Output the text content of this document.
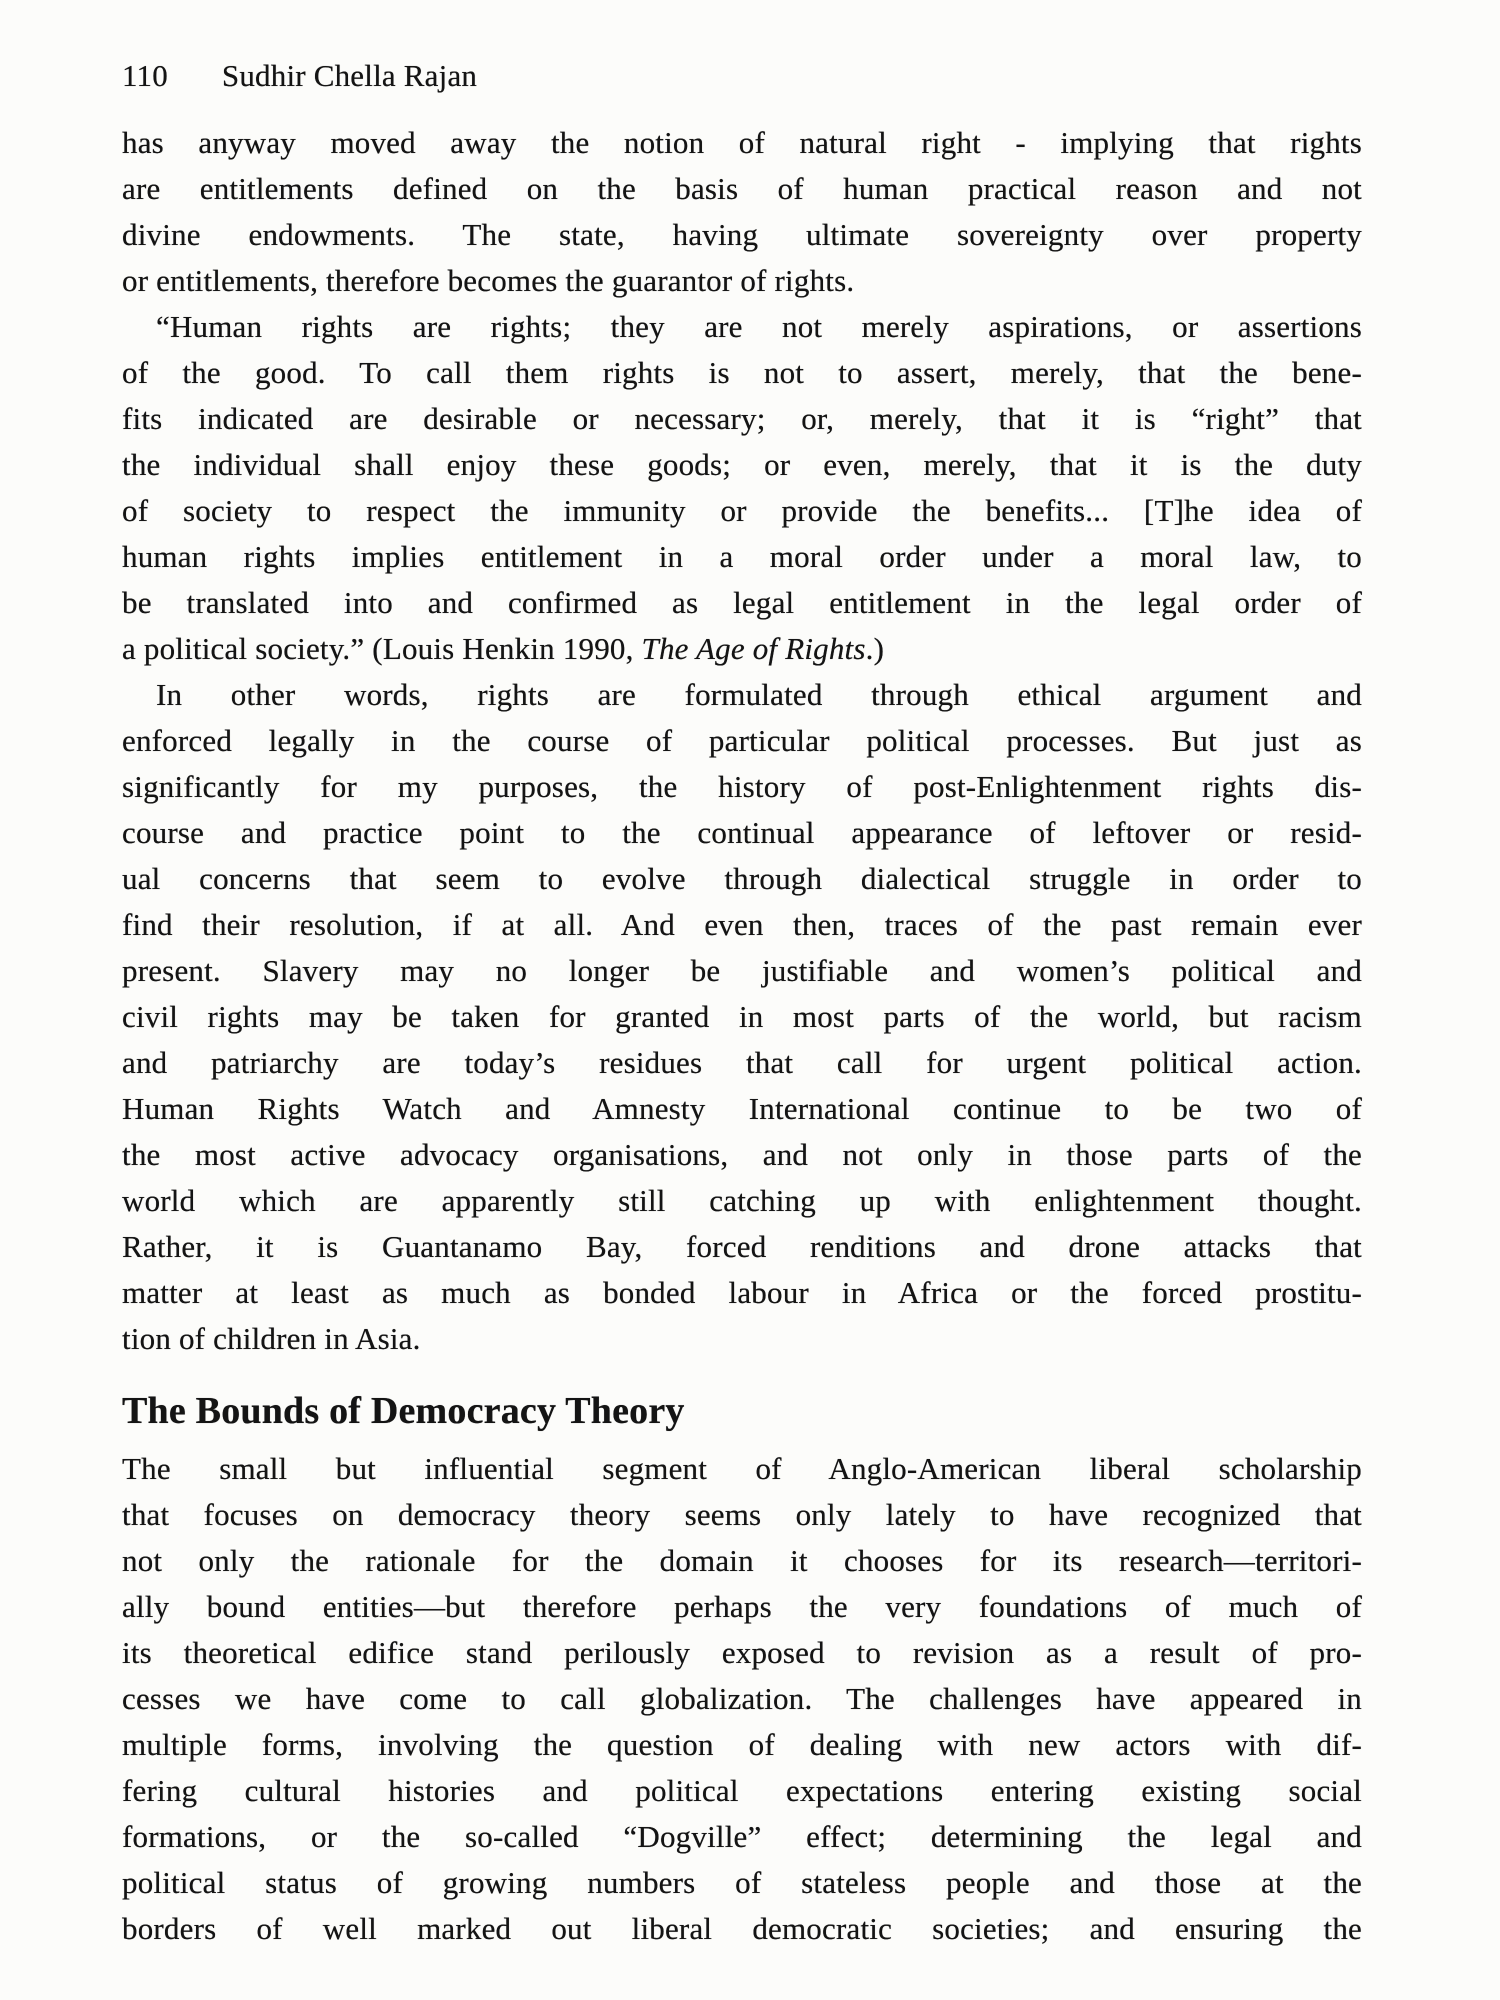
110 Sudhir Chella Rajan
has anyway moved away the notion of natural right - implying that rights
are entitlements defined on the basis of human practical reason and not
divine endowments. The state, having ultimate sovereignty over property
or entitlements, therefore becomes the guarantor of rights.
“Human rights are rights; they are not merely aspirations, or assertions
of the good. To call them rights is not to assert, merely, that the bene-
fits indicated are desirable or necessary; or, merely, that it is “right” that
the individual shall enjoy these goods; or even, merely, that it is the duty
of society to respect the immunity or provide the benefits... [T]he idea of
human rights implies entitlement in a moral order under a moral law, to
be translated into and confirmed as legal entitlement in the legal order of
a political society.” (Louis Henkin 1990, The Age of Rights.)
In other words, rights are formulated through ethical argument and
enforced legally in the course of particular political processes. But just as
significantly for my purposes, the history of post-Enlightenment rights dis-
course and practice point to the continual appearance of leftover or resid-
ual concerns that seem to evolve through dialectical struggle in order to
find their resolution, if at all. And even then, traces of the past remain ever
present. Slavery may no longer be justifiable and women’s political and
civil rights may be taken for granted in most parts of the world, but racism
and patriarchy are today’s residues that call for urgent political action.
Human Rights Watch and Amnesty International continue to be two of
the most active advocacy organisations, and not only in those parts of the
world which are apparently still catching up with enlightenment thought.
Rather, it is Guantanamo Bay, forced renditions and drone attacks that
matter at least as much as bonded labour in Africa or the forced prostitu-
tion of children in Asia.
The Bounds of Democracy Theory
The small but influential segment of Anglo-American liberal scholarship
that focuses on democracy theory seems only lately to have recognized that
not only the rationale for the domain it chooses for its research—territori-
ally bound entities—but therefore perhaps the very foundations of much of
its theoretical edifice stand perilously exposed to revision as a result of pro-
cesses we have come to call globalization. The challenges have appeared in
multiple forms, involving the question of dealing with new actors with dif-
fering cultural histories and political expectations entering existing social
formations, or the so-called “Dogville” effect; determining the legal and
political status of growing numbers of stateless people and those at the
borders of well marked out liberal democratic societies; and ensuring the
